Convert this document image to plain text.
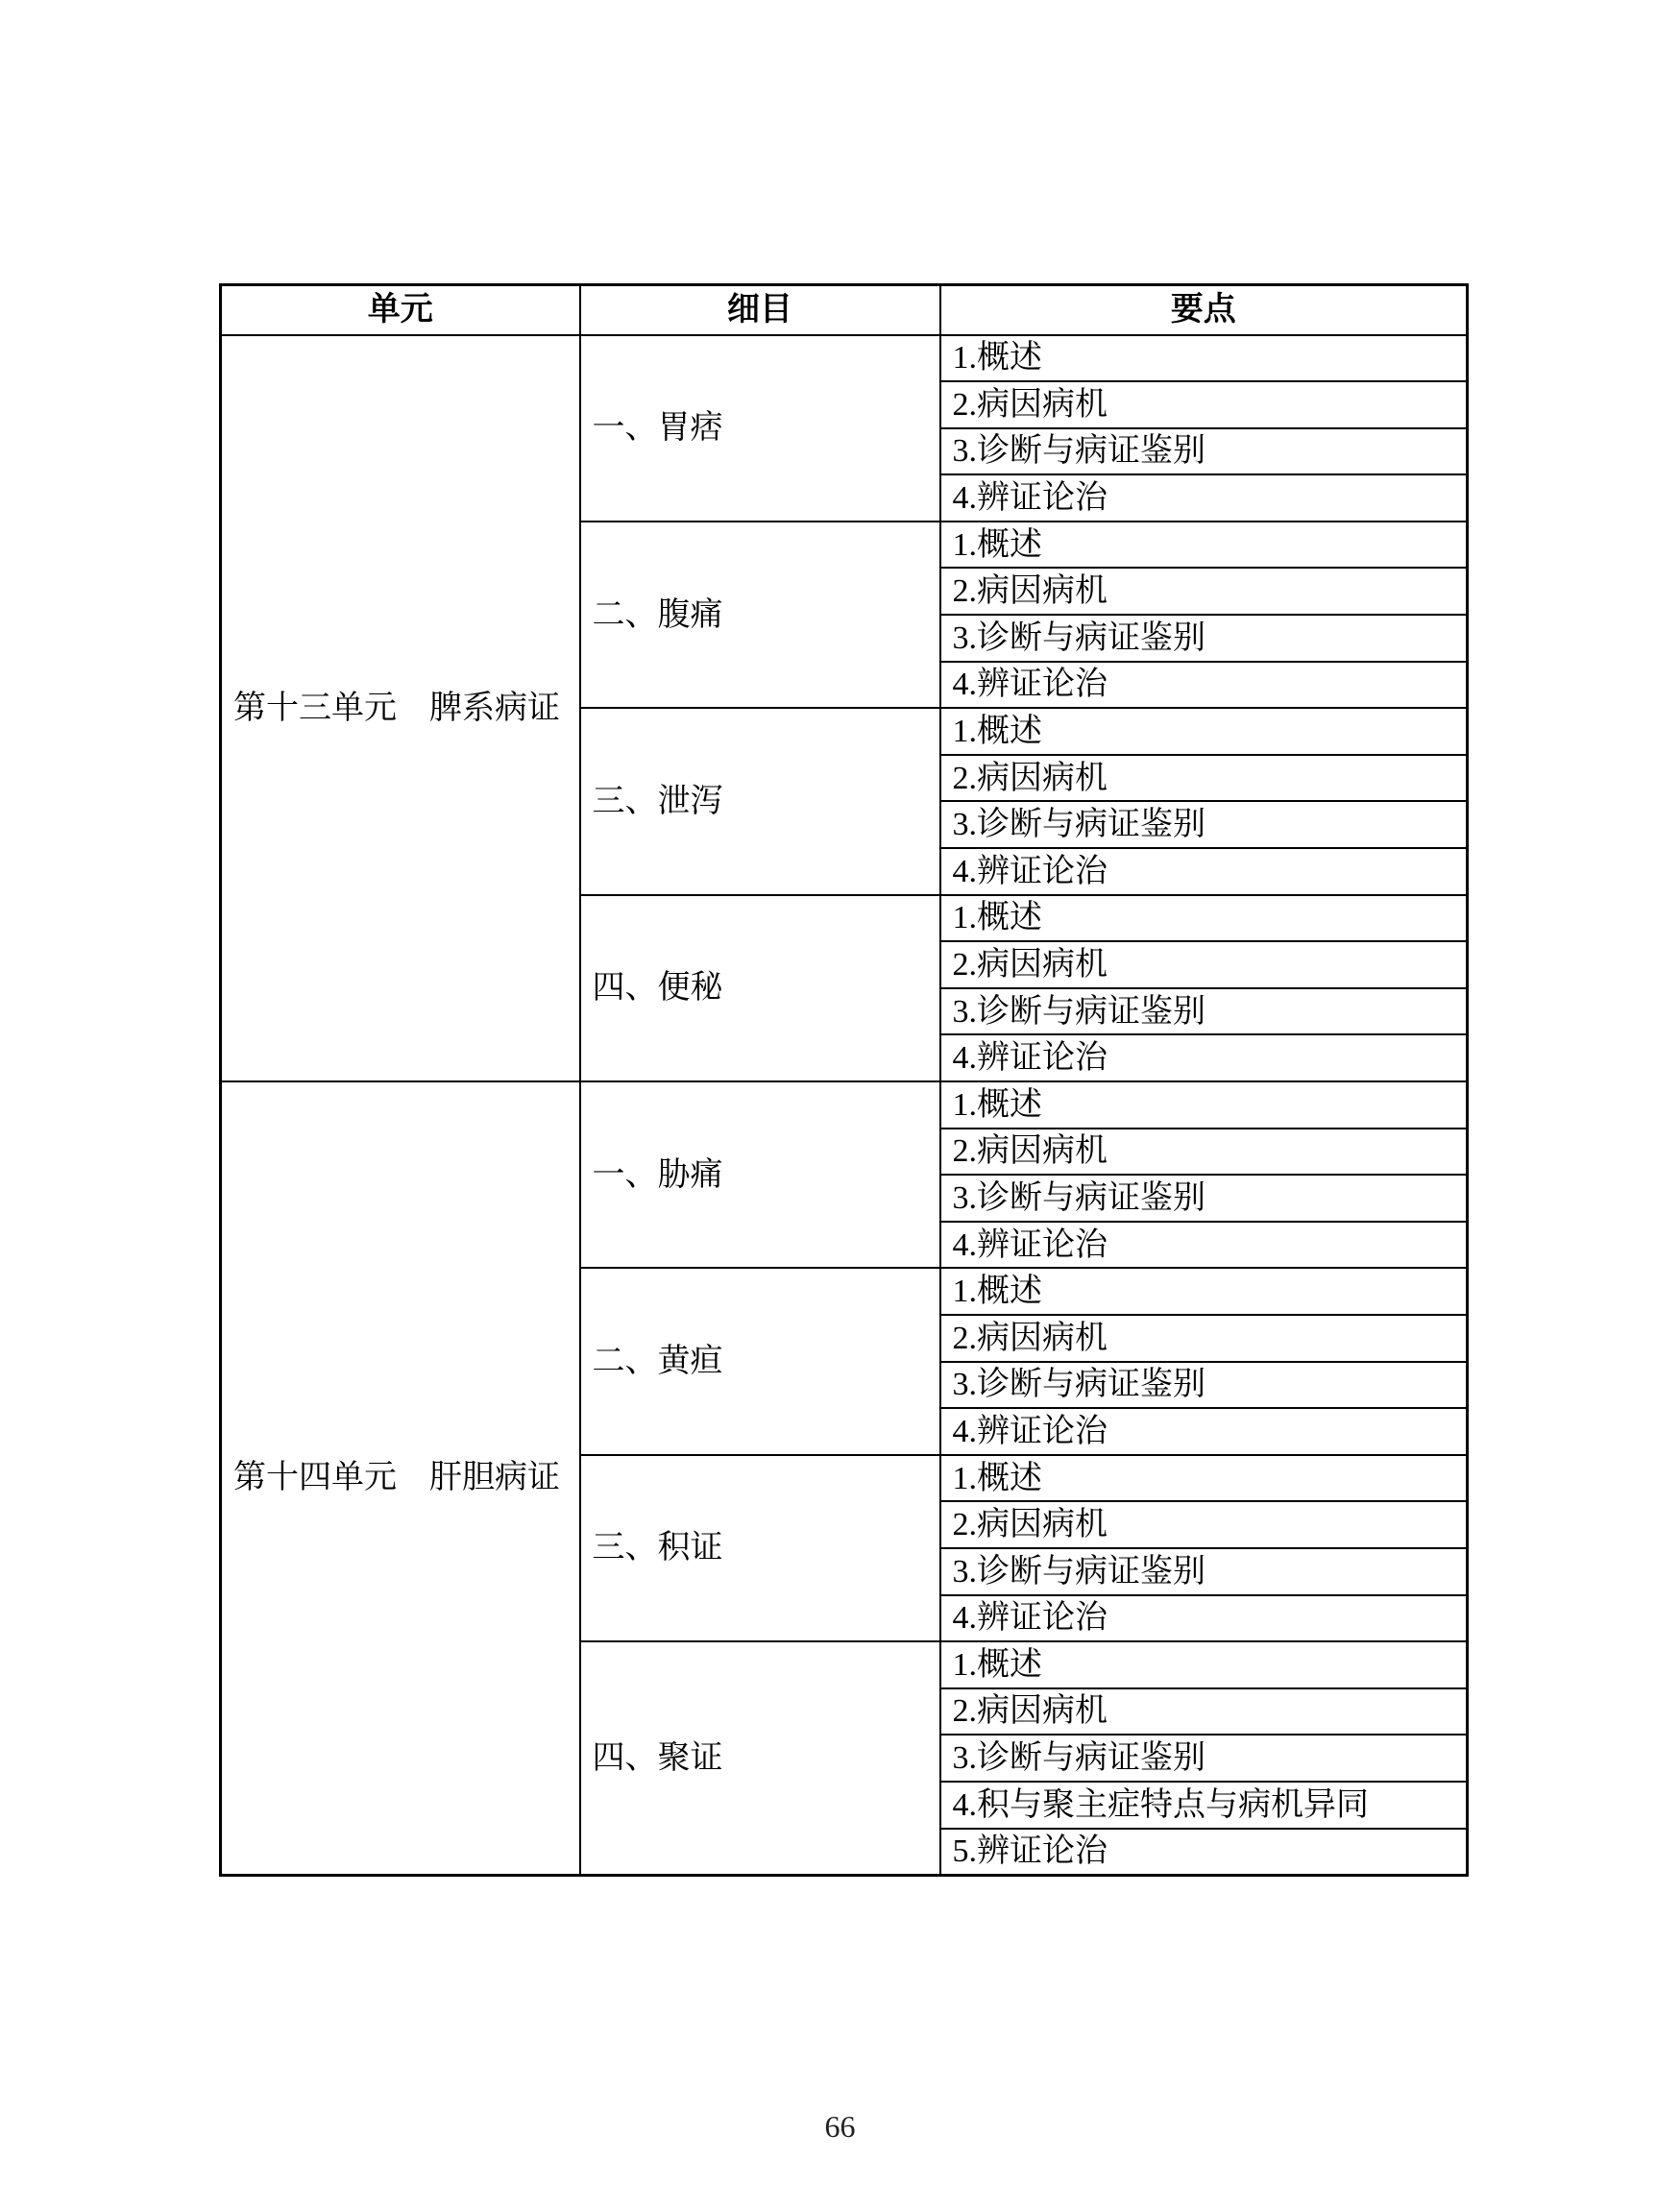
单元	细目	要点
第十三单元　脾系病证	一、胃痞	1.概述
		2.病因病机
		3.诊断与病证鉴别
		4.辨证论治
	二、腹痛	1.概述
		2.病因病机
		3.诊断与病证鉴别
		4.辨证论治
	三、泄泻	1.概述
		2.病因病机
		3.诊断与病证鉴别
		4.辨证论治
	四、便秘	1.概述
		2.病因病机
		3.诊断与病证鉴别
		4.辨证论治
第十四单元　肝胆病证	一、胁痛	1.概述
		2.病因病机
		3.诊断与病证鉴别
		4.辨证论治
	二、黄疸	1.概述
		2.病因病机
		3.诊断与病证鉴别
		4.辨证论治
	三、积证	1.概述
		2.病因病机
		3.诊断与病证鉴别
		4.辨证论治
	四、聚证	1.概述
		2.病因病机
		3.诊断与病证鉴别
		4.积与聚主症特点与病机异同
		5.辨证论治
66
